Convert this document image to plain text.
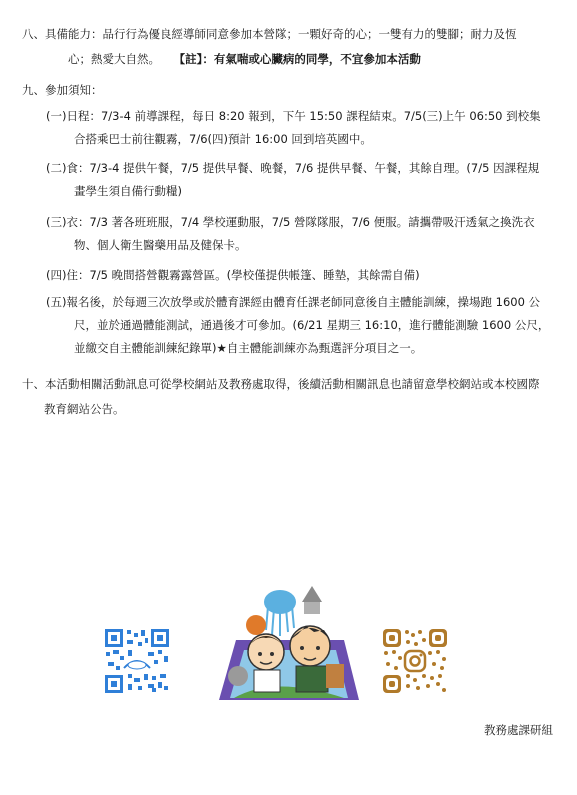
八、具備能力：品行行為優良經導師同意參加本營隊；一顆好奇的心；一雙有力的雙腳；耐力及恆
心；熱愛大自然。 【註】：有氣喘或心臟病的同學，不宜參加本活動
九、參加須知：
(一)日程：7/3-4 前導課程，每日 8:20 報到，下午 15:50 課程結束。7/5(三)上午 06:50 到校集
合搭乘巴士前往觀霧，7/6(四)預計 16:00 回到培英國中。
(二)食：7/3-4 提供午餐，7/5 提供早餐、晚餐，7/6 提供早餐、午餐，其餘自理。(7/5 因課程規
畫學生須自備行動糧)
(三)衣：7/3 著各班班服，7/4 學校運動服，7/5 營隊隊服，7/6 便服。請攜帶吸汗透氣之換洗衣
物、個人衛生醫藥用品及健保卡。
(四)住：7/5 晚間搭營觀霧露營區。(學校僅提供帳篷、睡墊，其餘需自備)
(五)報名後，於每週三次放學或於體育課經由體育任課老師同意後自主體能訓練，操場跑 1600 公
尺，並於通過體能測試，通過後才可參加。(6/21 星期三 16:10，進行體能測驗 1600 公尺，
並繳交自主體能訓練紀錄單)★自主體能訓練亦為甄選評分項目之一。
十、本活動相關活動訊息可從學校網站及教務處取得，後續活動相關訊息也請留意學校網站或本校國際
教育網站公告。
教務處課研組
